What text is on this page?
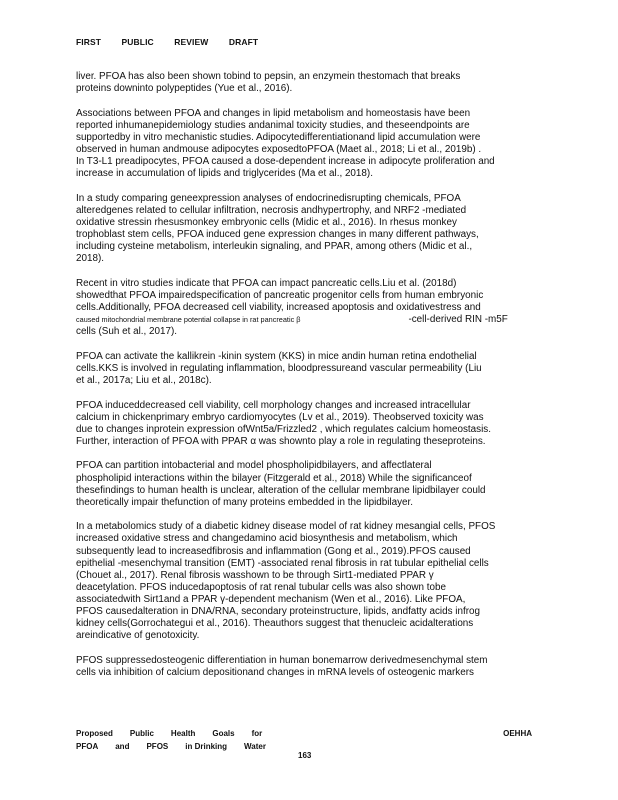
FIRST PUBLIC REVIEW DRAFT

liver. PFOA has also been shown tobind to pepsin, an enzymein thestomach that breaks
proteins downinto polypeptides (Yue et al., 2016).

Associations between PFOA and changes in lipid metabolism and homeostasis have been
reported inhumanepidemiology studies andanimal toxicity studies, and theseendpoints are
supportedby in vitro mechanistic studies. Adipocytedifferentiationand lipid accumulation were
observed in human andmouse adipocytes exposedtoPFOA (Maet al., 2018; Li et al., 2019b) .
In T3-L1 preadipocytes, PFOA caused a dose-dependent increase in adipocyte proliferation and
increase in accumulation of lipids and triglycerides (Ma et al., 2018).

In a study comparing geneexpression analyses of endocrinedisrupting chemicals, PFOA
alteredgenes related to cellular infiltration, necrosis andhypertrophy, and NRF2 -mediated
oxidative stressin rhesusmonkey embryonic cells (Midic et al., 2016). In rhesus monkey
trophoblast stem cells, PFOA induced gene expression changes in many different pathways,
including cysteine metabolism, interleukin signaling, and PPAR, among others (Midic et al.,
2018).

Recent in vitro studies indicate that PFOA can impact pancreatic cells.Liu et al. (2018d)
showedthat PFOA impairedspecification of pancreatic progenitor cells from human embryonic
cells.Additionally, PFOA decreased cell viability, increased apoptosis and oxidativestress and
caused mitochondrial membrane potential collapse in rat pancreatic β	-cell-derived RIN -m5F
cells (Suh et al., 2017).

PFOA can activate the kallikrein -kinin system (KKS) in mice andin human retina endothelial
cells.KKS is involved in regulating inflammation, bloodpressureand vascular permeability (Liu
et al., 2017a; Liu et al., 2018c).

PFOA induceddecreased cell viability, cell morphology changes and increased intracellular
calcium in chickenprimary embryo cardiomyocytes (Lv et al., 2019). Theobserved toxicity was
due to changes inprotein expression ofWnt5a/Frizzled2 , which regulates calcium homeostasis.
Further, interaction of PFOA with PPAR α was shownto play a role in regulating theseproteins.

PFOA can partition intobacterial and model phospholipidbilayers, and affectlateral
phospholipid interactions within the bilayer (Fitzgerald et al., 2018) While the significanceof
thesefindings to human health is unclear, alteration of the cellular membrane lipidbilayer could
theoretically impair thefunction of many proteins embedded in the lipidbilayer.

In a metabolomics study of a diabetic kidney disease model of rat kidney mesangial cells, PFOS
increased oxidative stress and changedamino acid biosynthesis and metabolism, which
subsequently lead to increasedfibrosis and inflammation (Gong et al., 2019).PFOS caused
epithelial -mesenchymal transition (EMT) -associated renal fibrosis in rat tubular epithelial cells
(Chouet al., 2017). Renal fibrosis wasshown to be through Sirt1-mediated PPAR γ
deacetylation. PFOS inducedapoptosis of rat renal tubular cells was also shown tobe
associatedwith Sirt1and a PPAR γ-dependent mechanism (Wen et al., 2016). Like PFOA,
PFOS causedalteration in DNA/RNA, secondary proteinstructure, lipids, andfatty acids infrog
kidney cells(Gorrochategui et al., 2016). Theauthors suggest that thenucleic acidalterations
areindicative of genotoxicity.

PFOS suppressedosteogenic differentiation in human bonemarrow derivedmesenchymal stem
cells via inhibition of calcium depositionand changes in mRNA levels of osteogenic markers

Proposed Public Health Goals for
PFOA and PFOS in Drinking Water
OEHHA
163
